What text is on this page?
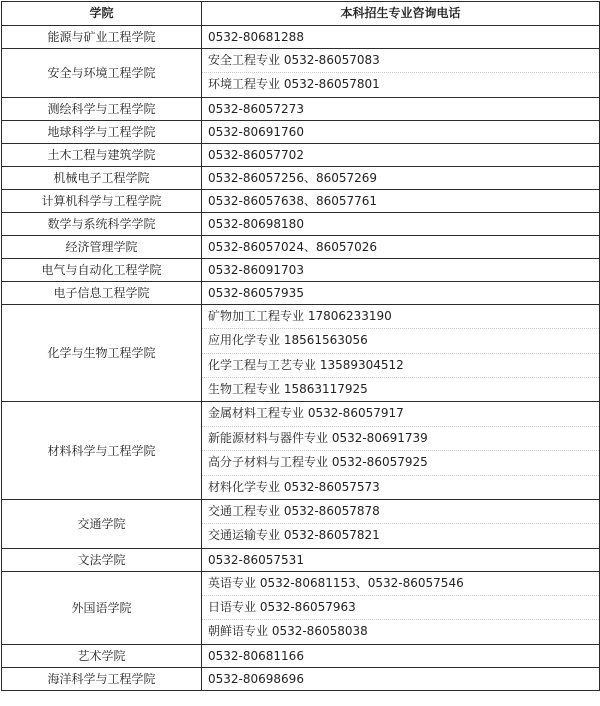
学院	本科招生专业咨询电话
能源与矿业工程学院	0532-80681288
安全与环境工程学院	安全工程专业 0532-86057083
环境工程专业 0532-86057801

测绘科学与工程学院	0532-86057273
地球科学与工程学院	0532-80691760
土木工程与建筑学院	0532-86057702
机械电子工程学院	0532-86057256、86057269
计算机科学与工程学院	0532-86057638、86057761
数学与系统科学学院	0532-80698180
经济管理学院	0532-86057024、86057026
电气与自动化工程学院	0532-86091703
电子信息工程学院	0532-86057935
化学与生物工程学院	矿物加工工程专业 17806233190
应用化学专业 18561563056
化学工程与工艺专业 13589304512
生物工程专业 15863117925

材料科学与工程学院	金属材料工程专业 0532-86057917
新能源材料与器件专业 0532-80691739
高分子材料与工程专业 0532-86057925
材料化学专业 0532-86057573

交通学院	交通工程专业 0532-86057878
交通运输专业 0532-86057821

文法学院	0532-86057531
外国语学院	英语专业 0532-80681153、0532-86057546
日语专业 0532-86057963
朝鲜语专业 0532-86058038

艺术学院	0532-80681166
海洋科学与工程学院	0532-80698696
